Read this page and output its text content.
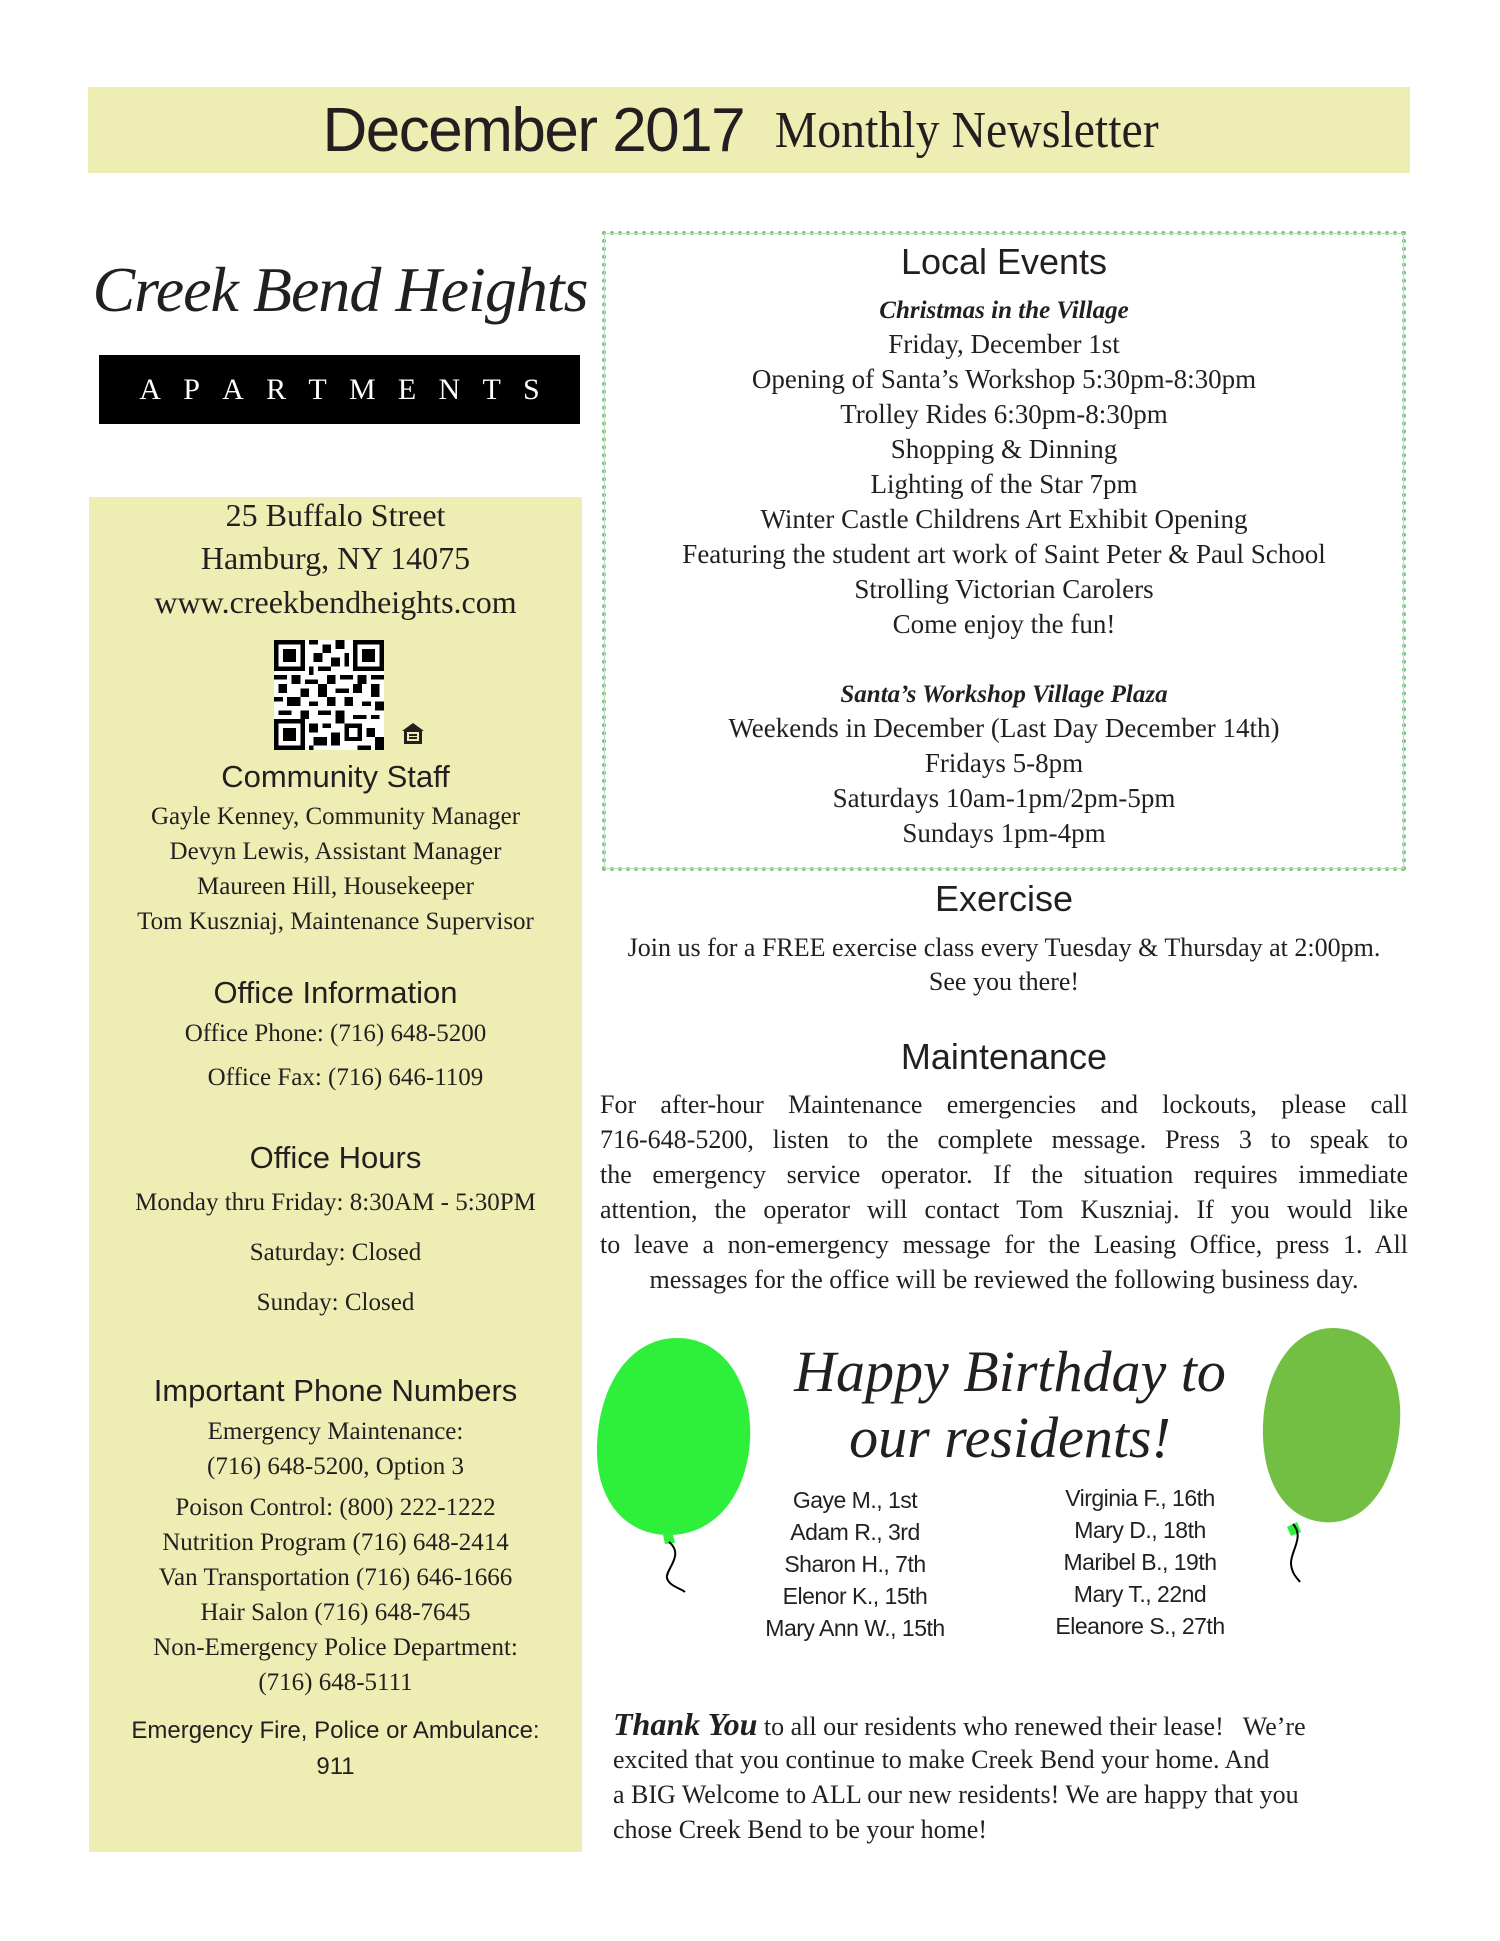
December 2017 Monthly Newsletter
Creek Bend Heights
A P A R T M E N T S
25 Buffalo Street
Hamburg, NY 14075
www.creekbendheights.com
Community Staff
Gayle Kenney, Community Manager
Devyn Lewis, Assistant Manager
Maureen Hill, Housekeeper
Tom Kuszniaj, Maintenance Supervisor
Office Information
Office Phone: (716) 648-5200
Office Fax: (716) 646-1109
Office Hours
Monday thru Friday: 8:30AM - 5:30PM
Saturday: Closed
Sunday: Closed
Important Phone Numbers
Emergency Maintenance:
(716) 648-5200, Option 3
Poison Control: (800) 222-1222
Nutrition Program (716) 648-2414
Van Transportation (716) 646-1666
Hair Salon (716) 648-7645
Non-Emergency Police Department:
(716) 648-5111
Emergency Fire, Police or Ambulance:
911
Local Events
Christmas in the Village
Friday, December 1st
Opening of Santa’s Workshop 5:30pm-8:30pm
Trolley Rides 6:30pm-8:30pm
Shopping & Dinning
Lighting of the Star 7pm
Winter Castle Childrens Art Exhibit Opening
Featuring the student art work of Saint Peter & Paul School
Strolling Victorian Carolers
Come enjoy the fun!
Santa’s Workshop Village Plaza
Weekends in December (Last Day December 14th)
Fridays 5-8pm
Saturdays 10am-1pm/2pm-5pm
Sundays 1pm-4pm
Exercise
Join us for a FREE exercise class every Tuesday & Thursday at 2:00pm.
See you there!
Maintenance
For after-hour Maintenance emergencies and lockouts, please call
716-648-5200, listen to the complete message. Press 3 to speak to
the emergency service operator. If the situation requires immediate
attention, the operator will contact Tom Kuszniaj. If you would like
to leave a non-emergency message for the Leasing Office, press 1. All
messages for the office will be reviewed the following business day.
Happy Birthday to
our residents!
Gaye M., 1st
Adam R., 3rd
Sharon H., 7th
Elenor K., 15th
Mary Ann W., 15th
Virginia F., 16th
Mary D., 18th
Maribel B., 19th
Mary T., 22nd
Eleanore S., 27th
Thank You to all our residents who renewed their lease!   We’re
excited that you continue to make Creek Bend your home. And
a BIG Welcome to ALL our new residents! We are happy that you
chose Creek Bend to be your home!
